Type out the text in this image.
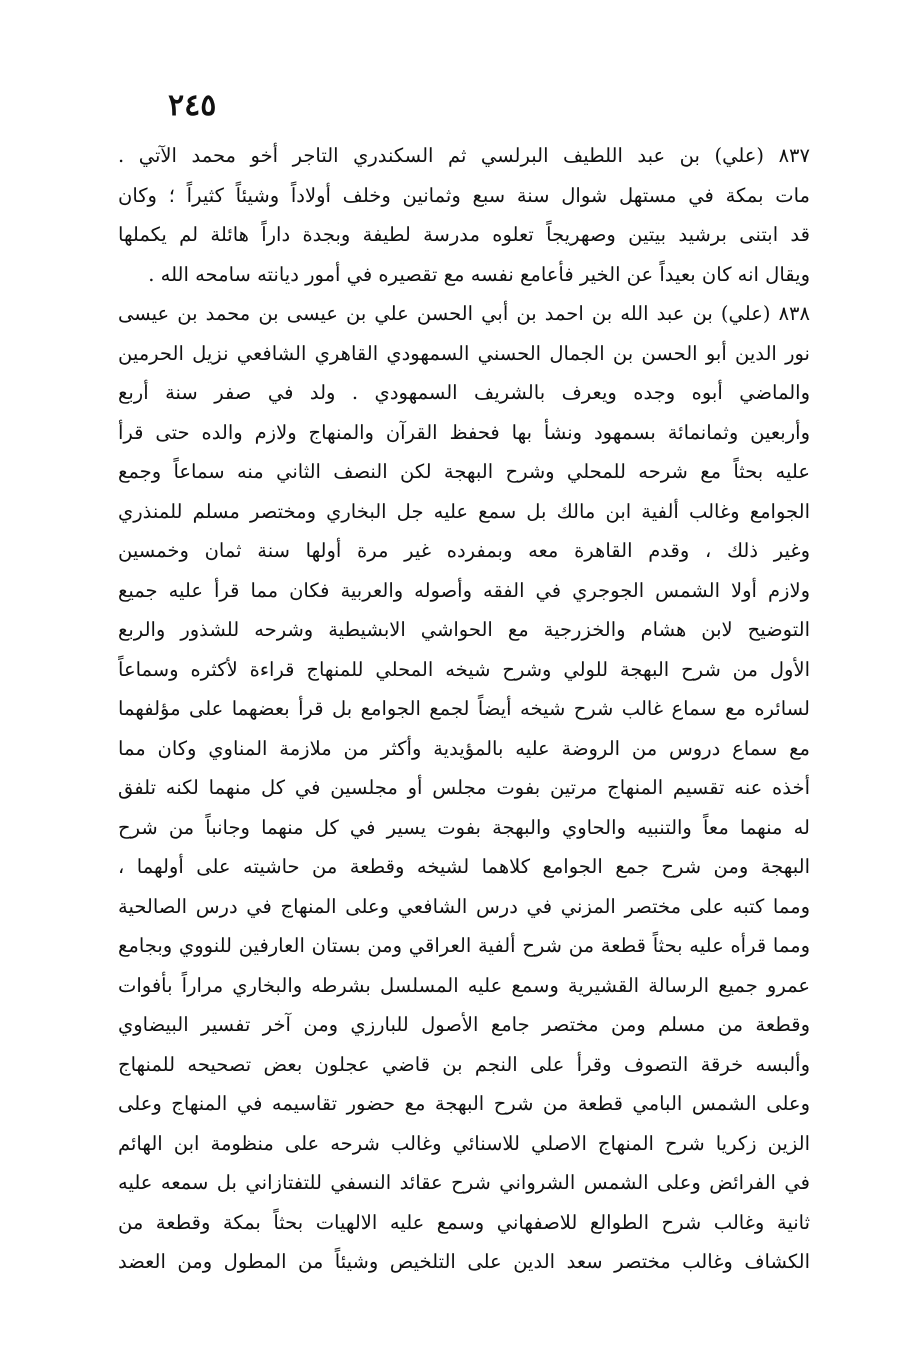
٢٤٥
٨٣٧ (علي) بن عبد اللطيف البرلسي ثم السكندري التاجر أخو محمد الآتي .
مات بمكة في مستهل شوال سنة سبع وثمانين وخلف أولاداً وشيئاً كثيراً ؛ وكان
قد ابتنى برشيد بيتين وصهريجاً تعلوه مدرسة لطيفة وبجدة داراً هائلة لم يكملها
ويقال انه كان بعيداً عن الخير فأعامع نفسه مع تقصيره في أمور ديانته سامحه الله .
٨٣٨ (علي) بن عبد الله بن احمد بن أبي الحسن علي بن عيسى بن محمد بن عيسى
نور الدين أبو الحسن بن الجمال الحسني السمهودي القاهري الشافعي نزيل الحرمين
والماضي أبوه وجده ويعرف بالشريف السمهودي . ولد في صفر سنة أربع
وأربعين وثمانمائة بسمهود ونشأ بها فحفظ القرآن والمنهاج ولازم والده حتى قرأ
عليه بحثاً مع شرحه للمحلي وشرح البهجة لكن النصف الثاني منه سماعاً وجمع
الجوامع وغالب ألفية ابن مالك بل سمع عليه جل البخاري ومختصر مسلم للمنذري
وغير ذلك ، وقدم القاهرة معه وبمفرده غير مرة أولها سنة ثمان وخمسين
ولازم أولا الشمس الجوجري في الفقه وأصوله والعربية فكان مما قرأ عليه جميع
التوضيح لابن هشام والخزرجية مع الحواشي الابشيطية وشرحه للشذور والربع
الأول من شرح البهجة للولي وشرح شيخه المحلي للمنهاج قراءة لأكثره وسماعاً
لسائره مع سماع غالب شرح شيخه أيضاً لجمع الجوامع بل قرأ بعضهما على مؤلفهما
مع سماع دروس من الروضة عليه بالمؤيدية وأكثر من ملازمة المناوي وكان مما
أخذه عنه تقسيم المنهاج مرتين بفوت مجلس أو مجلسين في كل منهما لكنه تلفق
له منهما معاً والتنبيه والحاوي والبهجة بفوت يسير في كل منهما وجانباً من شرح
البهجة ومن شرح جمع الجوامع كلاهما لشيخه وقطعة من حاشيته على أولهما ،
ومما كتبه على مختصر المزني في درس الشافعي وعلى المنهاج في درس الصالحية
ومما قرأه عليه بحثاً قطعة من شرح ألفية العراقي ومن بستان العارفين للنووي وبجامع
عمرو جميع الرسالة القشيرية وسمع عليه المسلسل بشرطه والبخاري مراراً بأفوات
وقطعة من مسلم ومن مختصر جامع الأصول للبارزي ومن آخر تفسير البيضاوي
وألبسه خرقة التصوف وقرأ على النجم بن قاضي عجلون بعض تصحيحه للمنهاج
وعلى الشمس البامي قطعة من شرح البهجة مع حضور تقاسيمه في المنهاج وعلى
الزين زكريا شرح المنهاج الاصلي للاسنائي وغالب شرحه على منظومة ابن الهائم
في الفرائض وعلى الشمس الشرواني شرح عقائد النسفي للتفتازاني بل سمعه عليه
ثانية وغالب شرح الطوالع للاصفهاني وسمع عليه الالهيات بحثاً بمكة وقطعة من
الكشاف وغالب مختصر سعد الدين على التلخيص وشيئاً من المطول ومن العضد
